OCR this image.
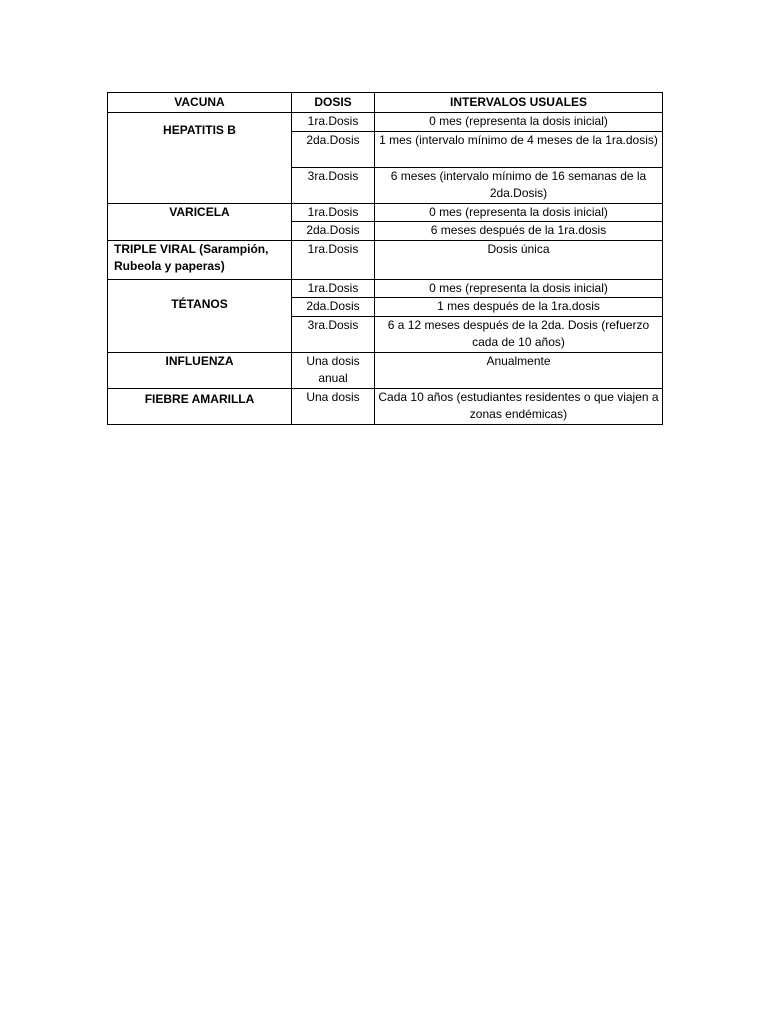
VACUNA	DOSIS	INTERVALOS USUALES
HEPATITIS B	1ra.Dosis	0 mes (representa la dosis inicial)
	2da.Dosis	1 mes (intervalo mínimo de 4 meses de la 1ra.dosis)
	3ra.Dosis	6 meses (intervalo mínimo de 16 semanas de la 2da.Dosis)
VARICELA	1ra.Dosis	0 mes (representa la dosis inicial)
	2da.Dosis	6 meses después de la 1ra.dosis
TRIPLE VIRAL (Sarampión, Rubeola y paperas)	1ra.Dosis	Dosis única
TÉTANOS	1ra.Dosis	0 mes (representa la dosis inicial)
	2da.Dosis	1 mes después de la 1ra.dosis
	3ra.Dosis	6 a 12 meses después de la 2da. Dosis (refuerzo cada de 10 años)
INFLUENZA	Una dosis anual	Anualmente
FIEBRE AMARILLA	Una dosis	Cada 10 años (estudiantes residentes o que viajen a zonas endémicas)
